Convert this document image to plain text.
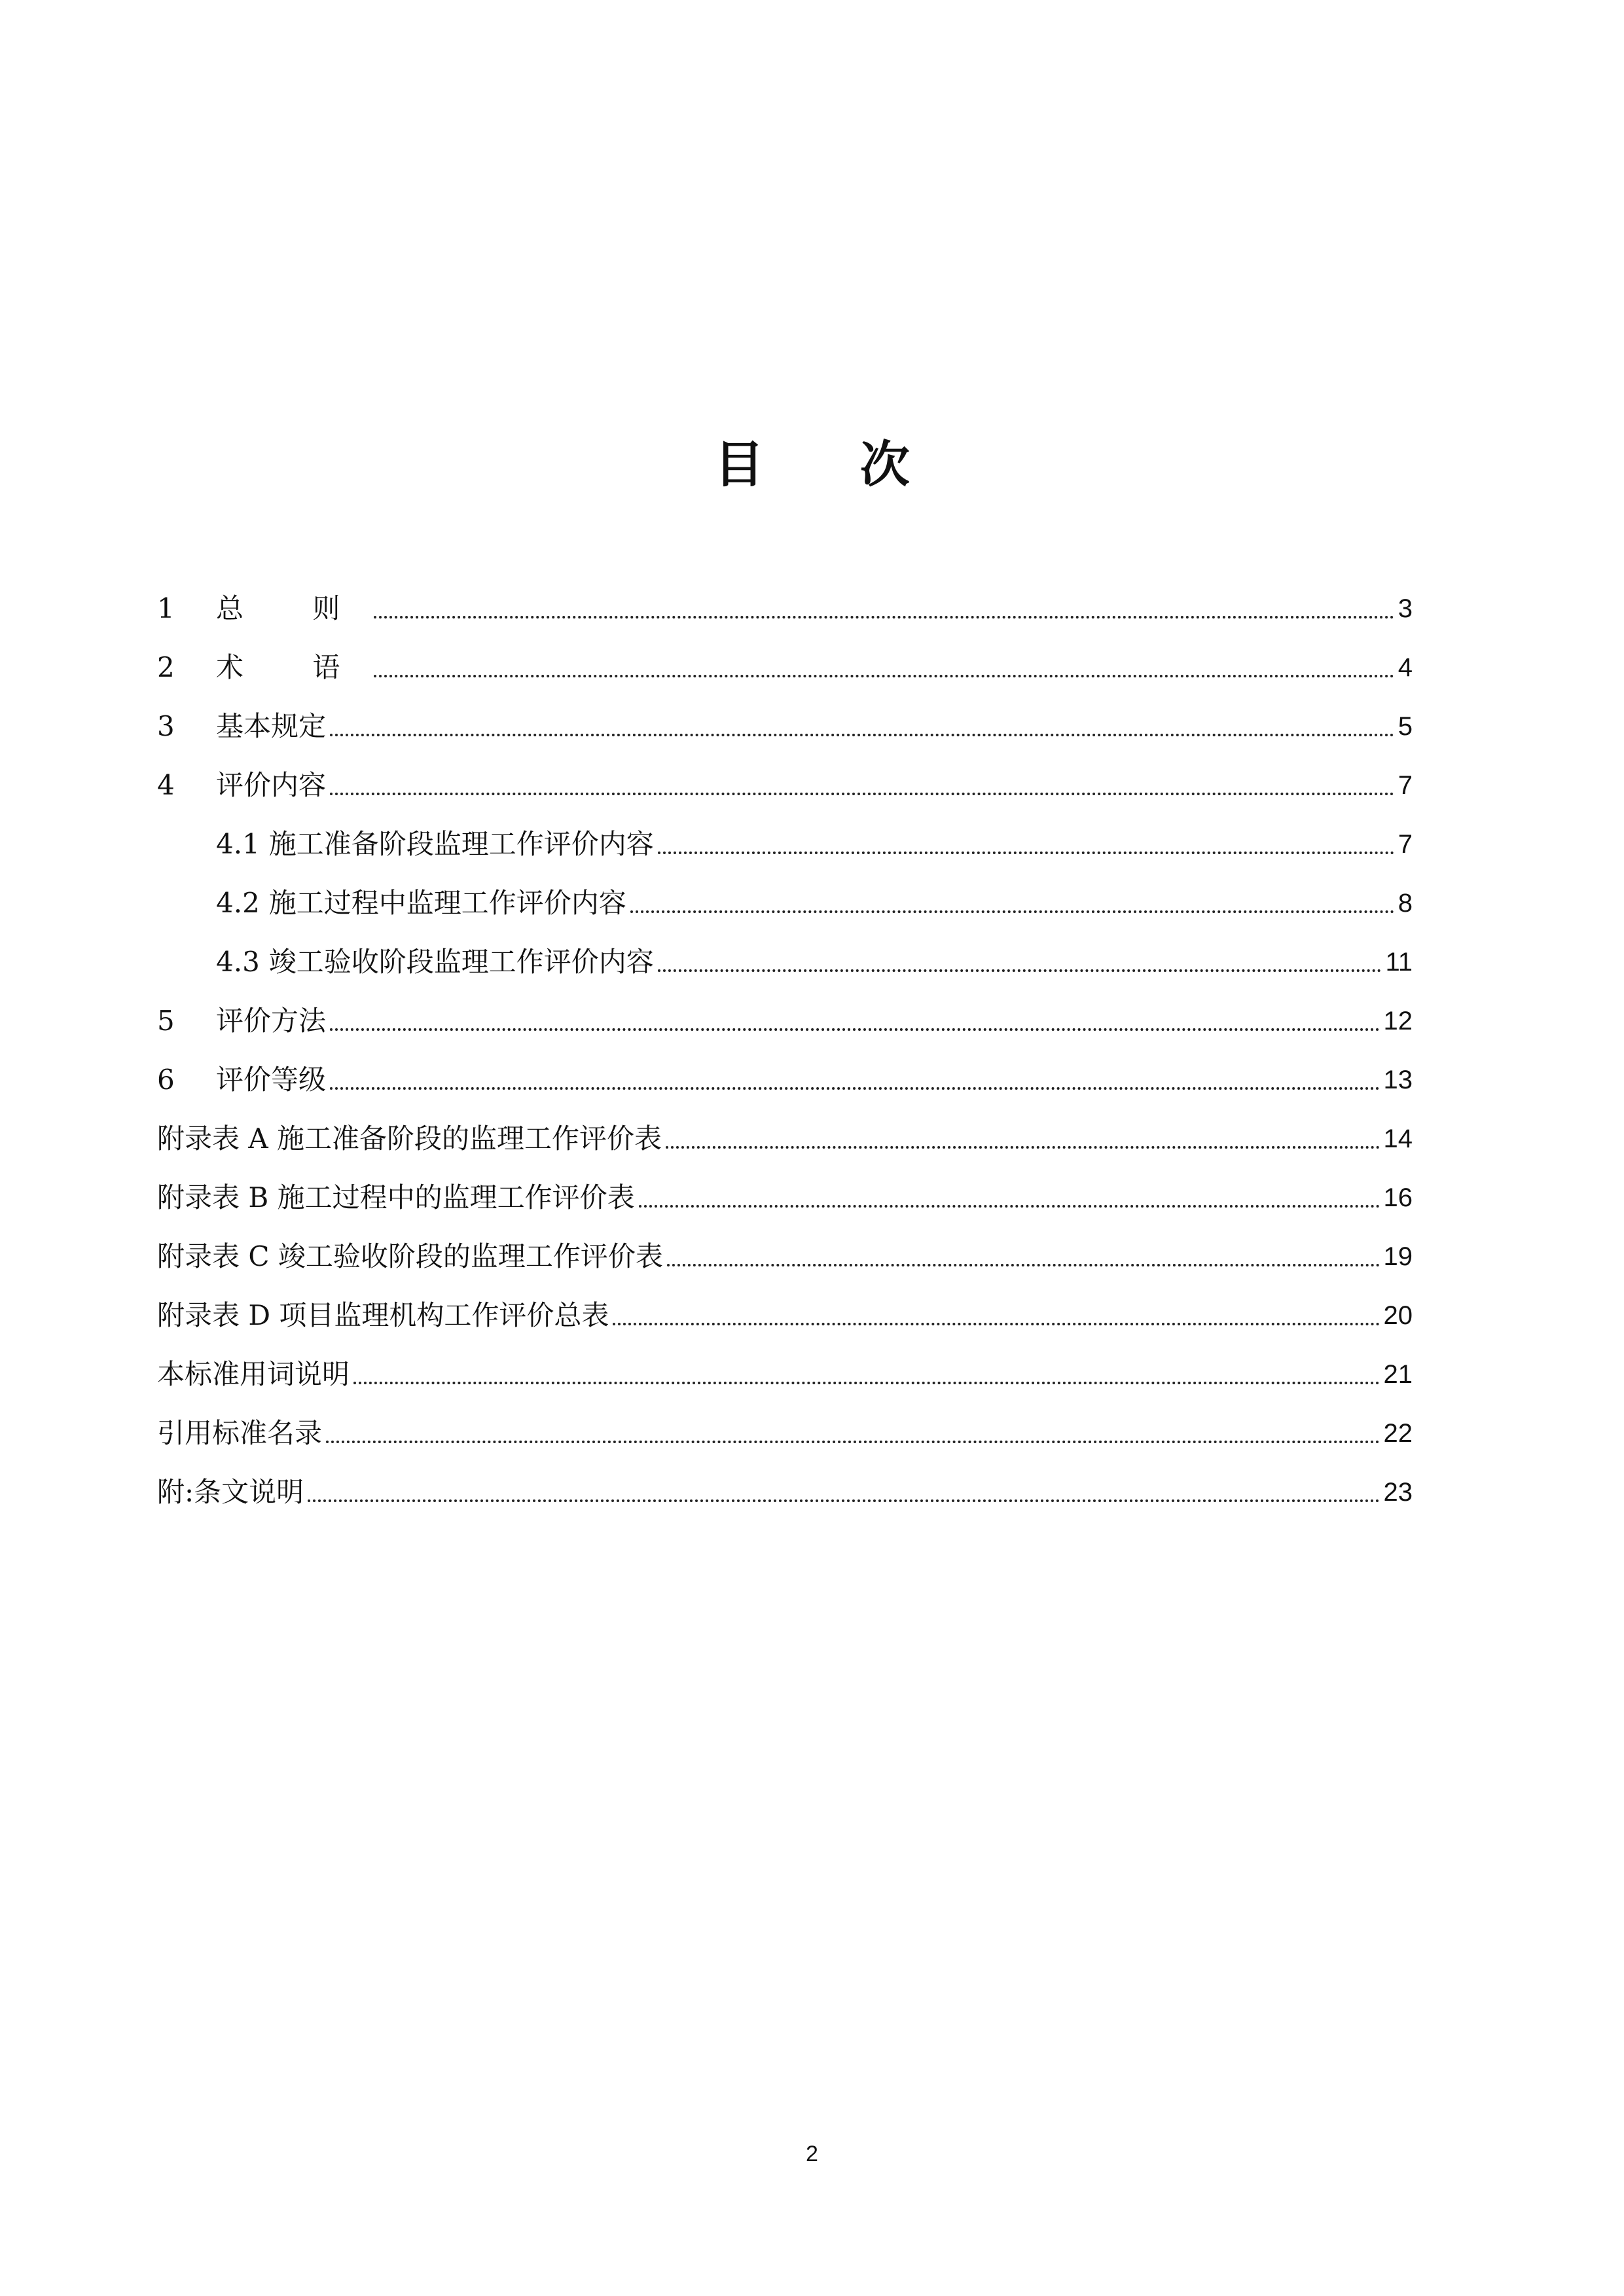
目 次
1	总 则	3
2	术 语	4
3	基本规定	5
4	评价内容	7
4.1 施工准备阶段监理工作评价内容	7
4.2 施工过程中监理工作评价内容	8
4.3 竣工验收阶段监理工作评价内容	11
5	评价方法	12
6	评价等级	13
附录表 A 施工准备阶段的监理工作评价表	14
附录表 B 施工过程中的监理工作评价表	16
附录表 C 竣工验收阶段的监理工作评价表	19
附录表 D 项目监理机构工作评价总表	20
本标准用词说明	21
引用标准名录	22
附:条文说明	23
2
